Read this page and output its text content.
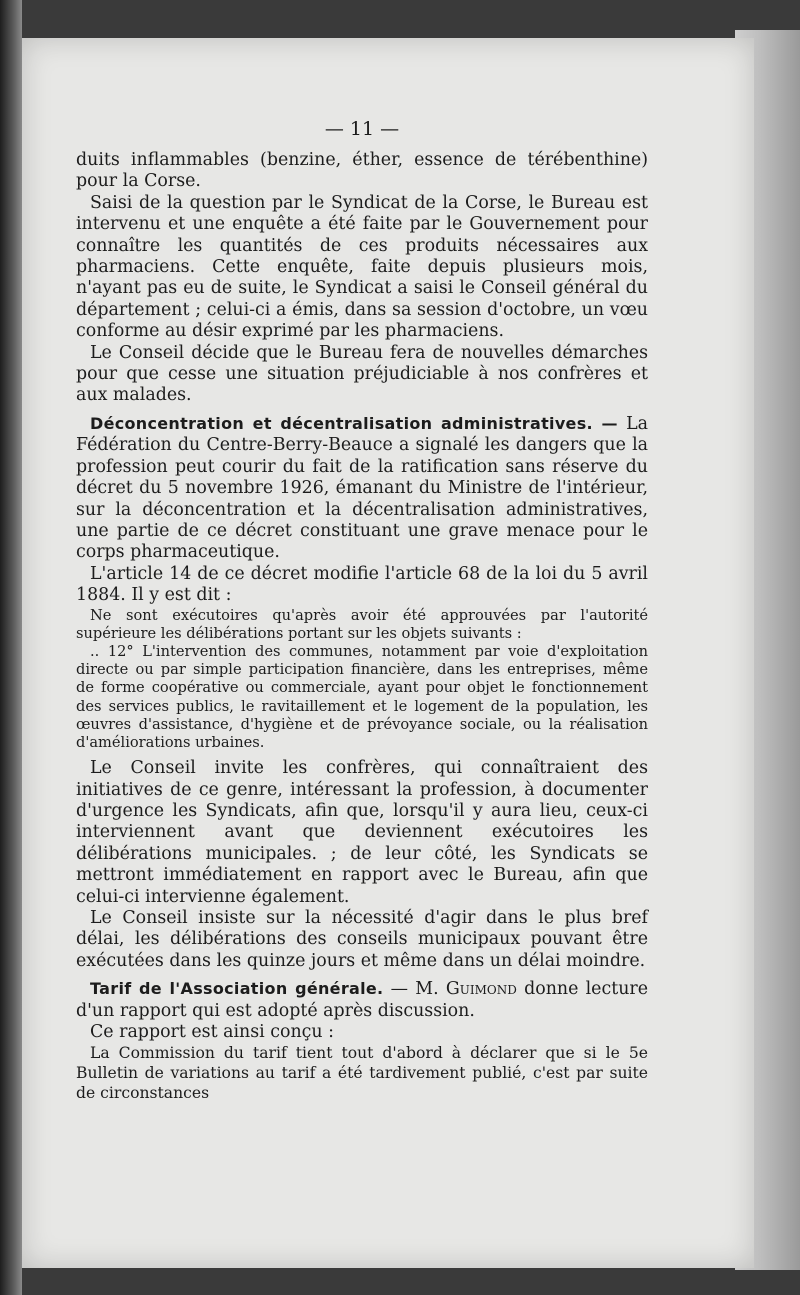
— 11 —

duits inflammables (benzine, éther, essence de térébenthine) pour la Corse.

Saisi de la question par le Syndicat de la Corse, le Bureau est intervenu et une enquête a été faite par le Gouvernement pour connaître les quantités de ces produits nécessaires aux pharmaciens. Cette enquête, faite depuis plusieurs mois, n'ayant pas eu de suite, le Syndicat a saisi le Conseil général du département ; celui-ci a émis, dans sa session d'octobre, un vœu conforme au désir exprimé par les pharmaciens.

Le Conseil décide que le Bureau fera de nouvelles démarches pour que cesse une situation préjudiciable à nos confrères et aux malades.

Déconcentration et décentralisation administratives. — La Fédération du Centre-Berry-Beauce a signalé les dangers que la profession peut courir du fait de la ratification sans réserve du décret du 5 novembre 1926, émanant du Ministre de l'intérieur, sur la déconcentration et la décentralisation administratives, une partie de ce décret constituant une grave menace pour le corps pharmaceutique.

L'article 14 de ce décret modifie l'article 68 de la loi du 5 avril 1884. Il y est dit :

Ne sont exécutoires qu'après avoir été approuvées par l'autorité supérieure les délibérations portant sur les objets suivants :

.. 12° L'intervention des communes, notamment par voie d'exploitation directe ou par simple participation financière, dans les entreprises, même de forme coopérative ou commerciale, ayant pour objet le fonctionnement des services publics, le ravitaillement et le logement de la population, les œuvres d'assistance, d'hygiène et de prévoyance sociale, ou la réalisation d'améliorations urbaines.

Le Conseil invite les confrères, qui connaîtraient des initiatives de ce genre, intéressant la profession, à documenter d'urgence les Syndicats, afin que, lorsqu'il y aura lieu, ceux-ci interviennent avant que deviennent exécutoires les délibérations municipales. ; de leur côté, les Syndicats se mettront immédiatement en rapport avec le Bureau, afin que celui-ci intervienne également.

Le Conseil insiste sur la nécessité d'agir dans le plus bref délai, les délibérations des conseils municipaux pouvant être exécutées dans les quinze jours et même dans un délai moindre.

Tarif de l'Association générale. — M. Guimond donne lecture d'un rapport qui est adopté après discussion.

Ce rapport est ainsi conçu :

La Commission du tarif tient tout d'abord à déclarer que si le 5e Bulletin de variations au tarif a été tardivement publié, c'est par suite de circonstances
